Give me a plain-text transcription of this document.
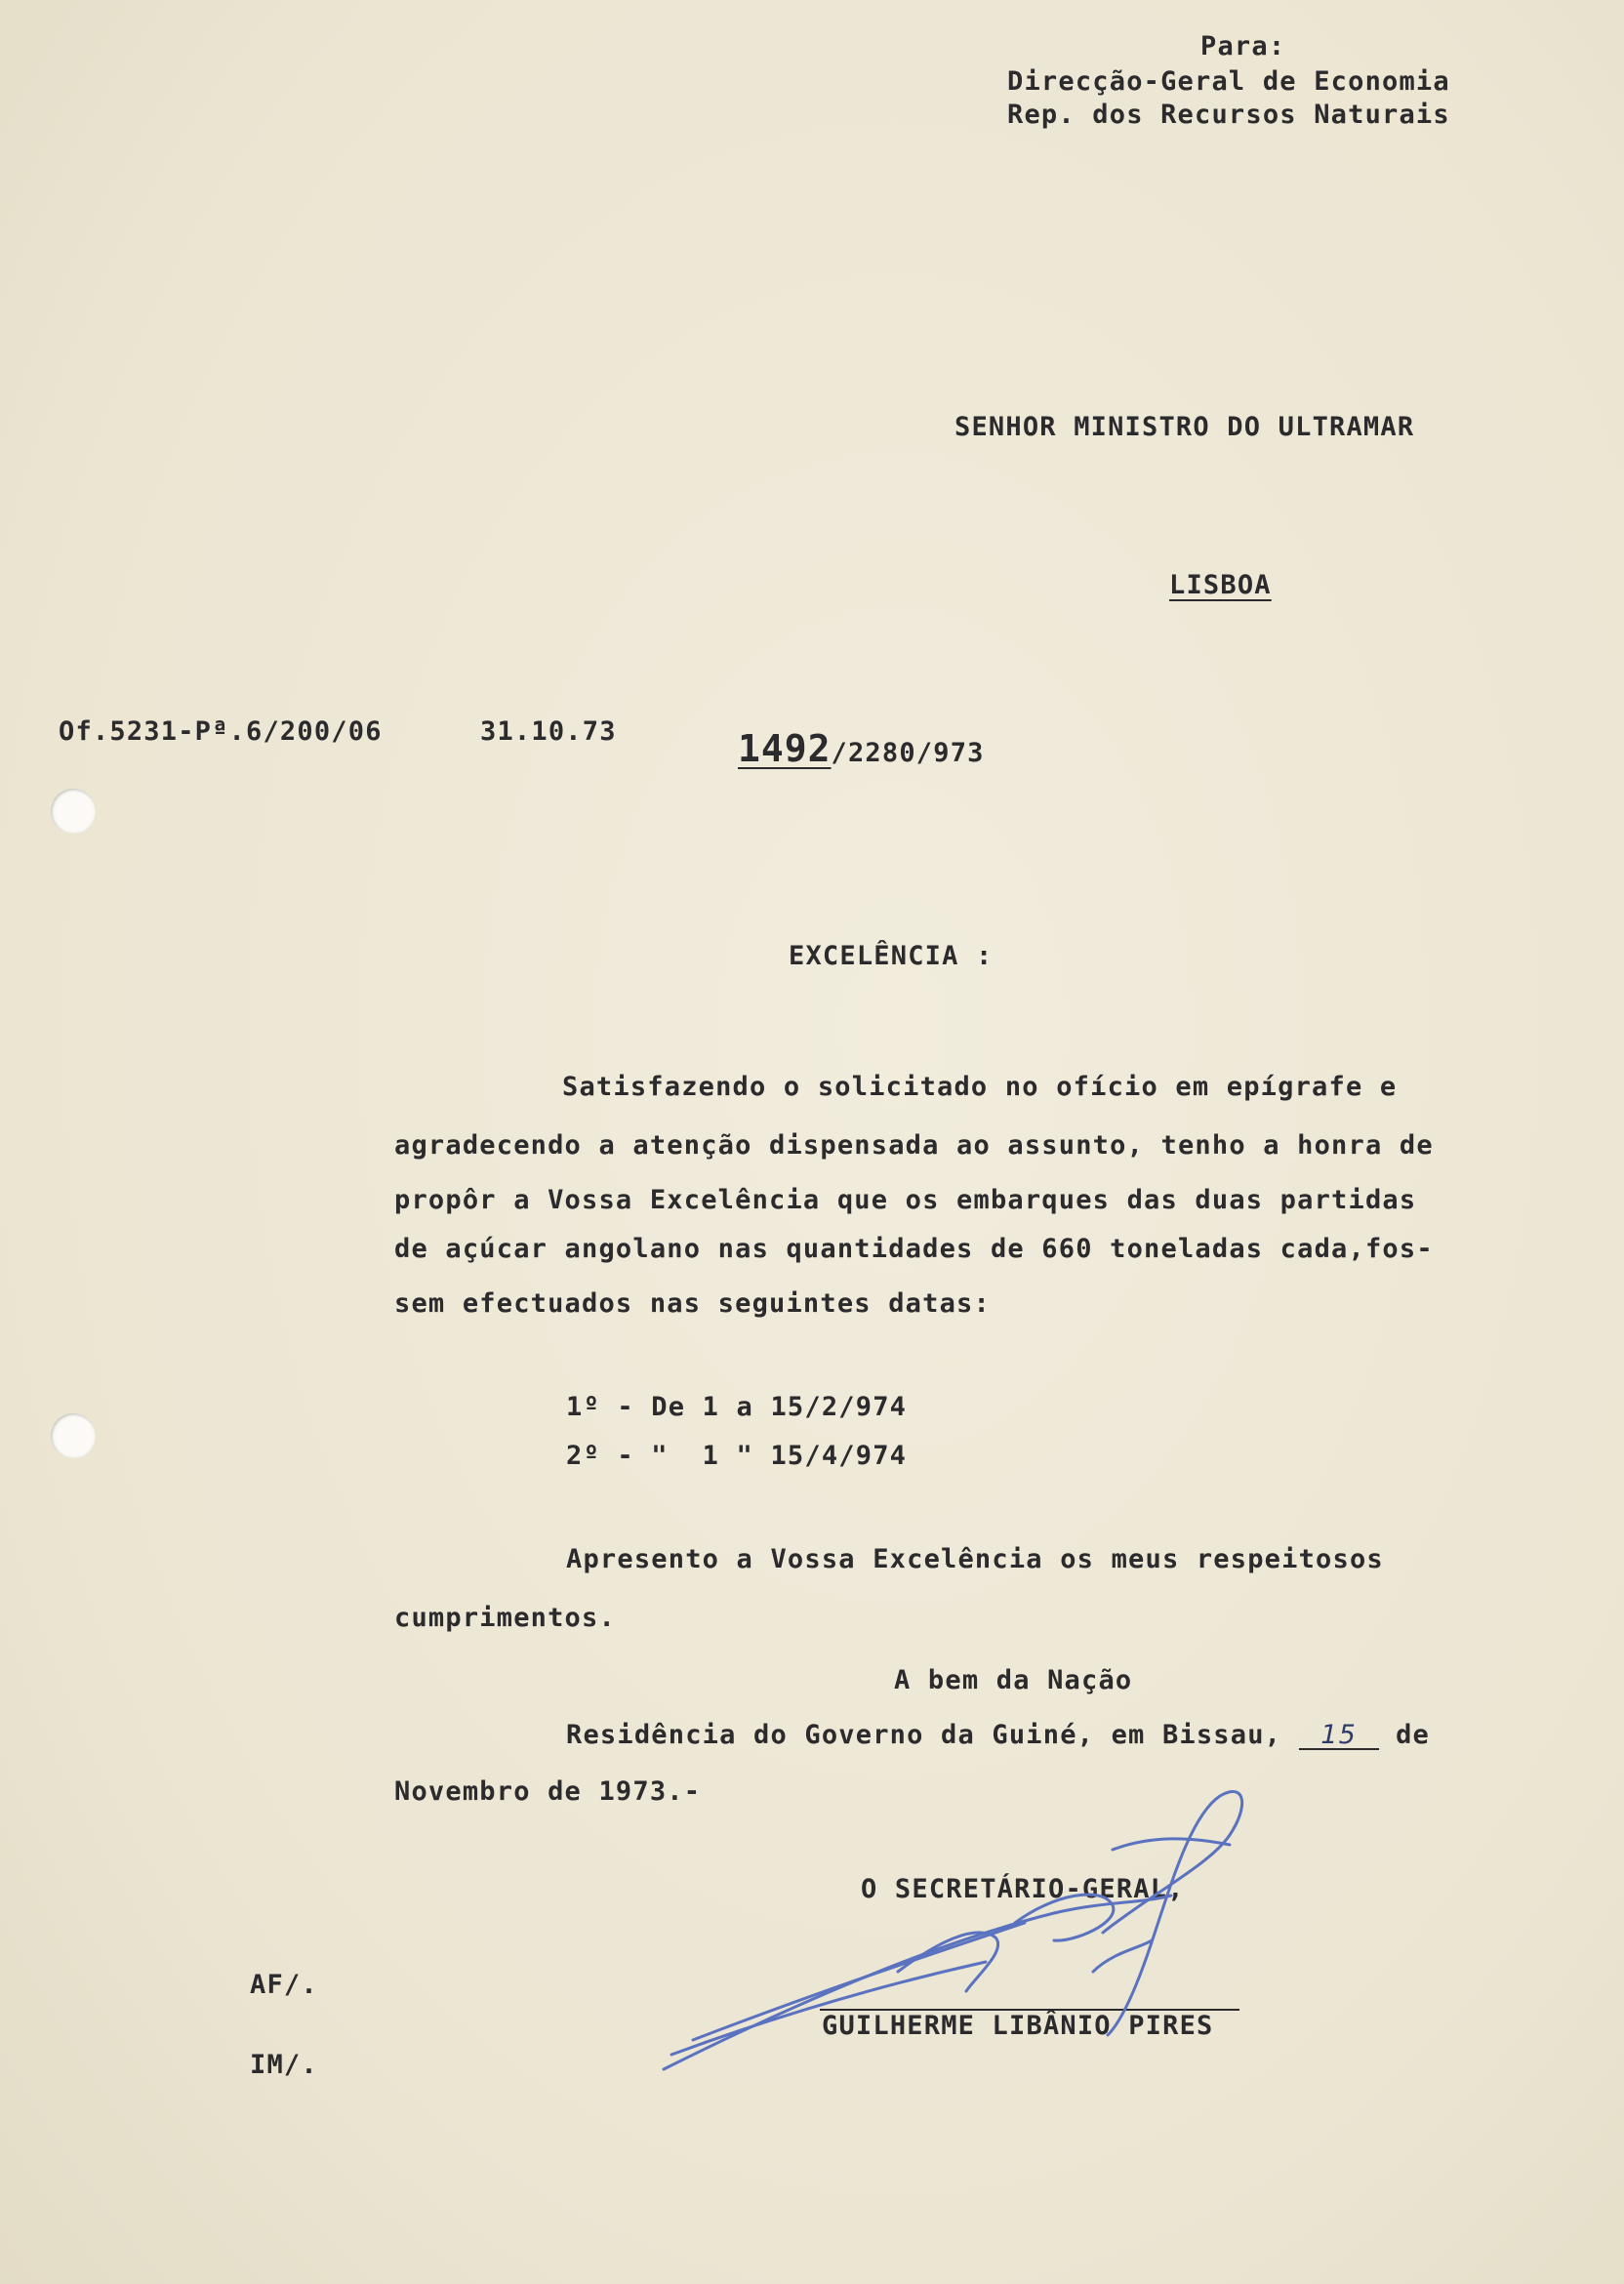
Para:
Direcção-Geral de Economia
Rep. dos Recursos Naturais
SENHOR MINISTRO DO ULTRAMAR
LISBOA
Of.5231-Pª.6/200/06	31.10.73	1492/2280/973
EXCELÊNCIA :
Satisfazendo o solicitado no ofício em epígrafe e
agradecendo a atenção dispensada ao assunto, tenho a honra de
propôr a Vossa Excelência que os embarques das duas partidas
de açúcar angolano nas quantidades de 660 toneladas cada,fos-
sem efectuados nas seguintes datas:
1º - De 1 a 15/2/974
2º - "  1 " 15/4/974
Apresento a Vossa Excelência os meus respeitosos
cumprimentos.
A bem da Nação
Residência do Governo da Guiné, em Bissau, 15 de
Novembro de 1973.-
O SECRETÁRIO-GERAL,
GUILHERME LIBÂNIO PIRES
AF/.
IM/.
